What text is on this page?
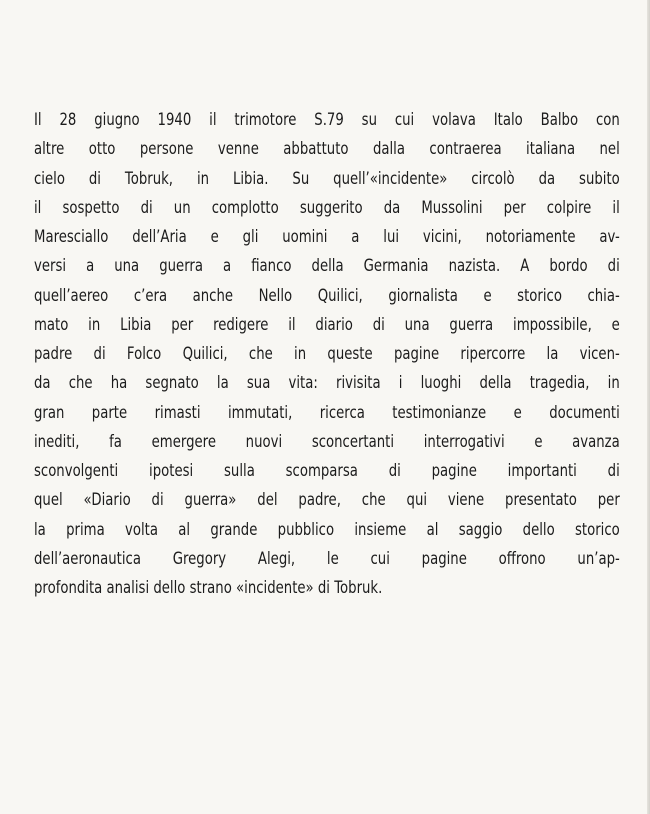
Il 28 giugno 1940 il trimotore S.79 su cui volava Italo Balbo con
altre otto persone venne abbattuto dalla contraerea italiana nel
cielo di Tobruk, in Libia. Su quell’«incidente» circolò da subito
il sospetto di un complotto suggerito da Mussolini per colpire il
Maresciallo dell’Aria e gli uomini a lui vicini, notoriamente av-
versi a una guerra a fianco della Germania nazista. A bordo di
quell’aereo c’era anche Nello Quilici, giornalista e storico chia-
mato in Libia per redigere il diario di una guerra impossibile, e
padre di Folco Quilici, che in queste pagine ripercorre la vicen-
da che ha segnato la sua vita: rivisita i luoghi della tragedia, in
gran parte rimasti immutati, ricerca testimonianze e documenti
inediti, fa emergere nuovi sconcertanti interrogativi e avanza
sconvolgenti ipotesi sulla scomparsa di pagine importanti di
quel «Diario di guerra» del padre, che qui viene presentato per
la prima volta al grande pubblico insieme al saggio dello storico
dell’aeronautica Gregory Alegi, le cui pagine offrono un’ap-
profondita analisi dello strano «incidente» di Tobruk.
